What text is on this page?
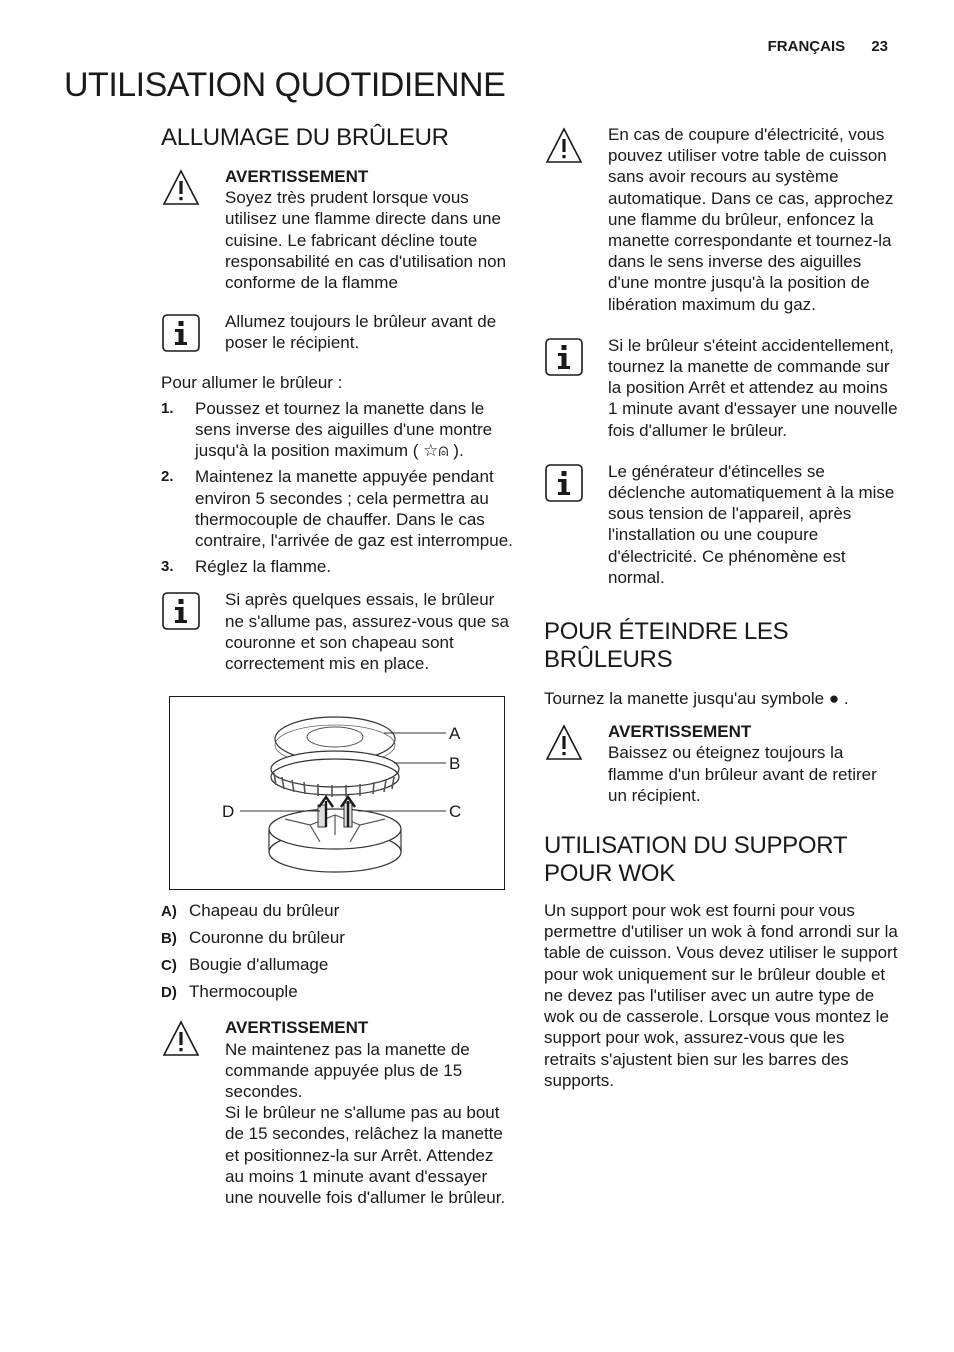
FRANÇAIS 23
UTILISATION QUOTIDIENNE
ALLUMAGE DU BRÛLEUR
AVERTISSEMENT
Soyez très prudent lorsque vous utilisez une flamme directe dans une cuisine. Le fabricant décline toute responsabilité en cas d'utilisation non conforme de la flamme
Allumez toujours le brûleur avant de poser le récipient.
Pour allumer le brûleur :
1. Poussez et tournez la manette dans le sens inverse des aiguilles d'une montre jusqu'à la position maximum ( ☆⍝ ).
2. Maintenez la manette appuyée pendant environ 5 secondes ; cela permettra au thermocouple de chauffer. Dans le cas contraire, l'arrivée de gaz est interrompue.
3. Réglez la flamme.
Si après quelques essais, le brûleur ne s'allume pas, assurez-vous que sa couronne et son chapeau sont correctement mis en place.
A
B
C
D
A) Chapeau du brûleur
B) Couronne du brûleur
C) Bougie d'allumage
D) Thermocouple
AVERTISSEMENT
Ne maintenez pas la manette de commande appuyée plus de 15 secondes.
Si le brûleur ne s'allume pas au bout de 15 secondes, relâchez la manette et positionnez-la sur Arrêt. Attendez au moins 1 minute avant d'essayer une nouvelle fois d'allumer le brûleur.
En cas de coupure d'électricité, vous pouvez utiliser votre table de cuisson sans avoir recours au système automatique. Dans ce cas, approchez une flamme du brûleur, enfoncez la manette correspondante et tournez-la dans le sens inverse des aiguilles d'une montre jusqu'à la position de libération maximum du gaz.
Si le brûleur s'éteint accidentellement, tournez la manette de commande sur la position Arrêt et attendez au moins 1 minute avant d'essayer une nouvelle fois d'allumer le brûleur.
Le générateur d'étincelles se déclenche automatiquement à la mise sous tension de l'appareil, après l'installation ou une coupure d'électricité. Ce phénomène est normal.
POUR ÉTEINDRE LES BRÛLEURS
Tournez la manette jusqu'au symbole ● .
AVERTISSEMENT
Baissez ou éteignez toujours la flamme d'un brûleur avant de retirer un récipient.
UTILISATION DU SUPPORT POUR WOK
Un support pour wok est fourni pour vous permettre d'utiliser un wok à fond arrondi sur la table de cuisson. Vous devez utiliser le support pour wok uniquement sur le brûleur double et ne devez pas l'utiliser avec un autre type de wok ou de casserole. Lorsque vous montez le support pour wok, assurez-vous que les retraits s'ajustent bien sur les barres des supports.
